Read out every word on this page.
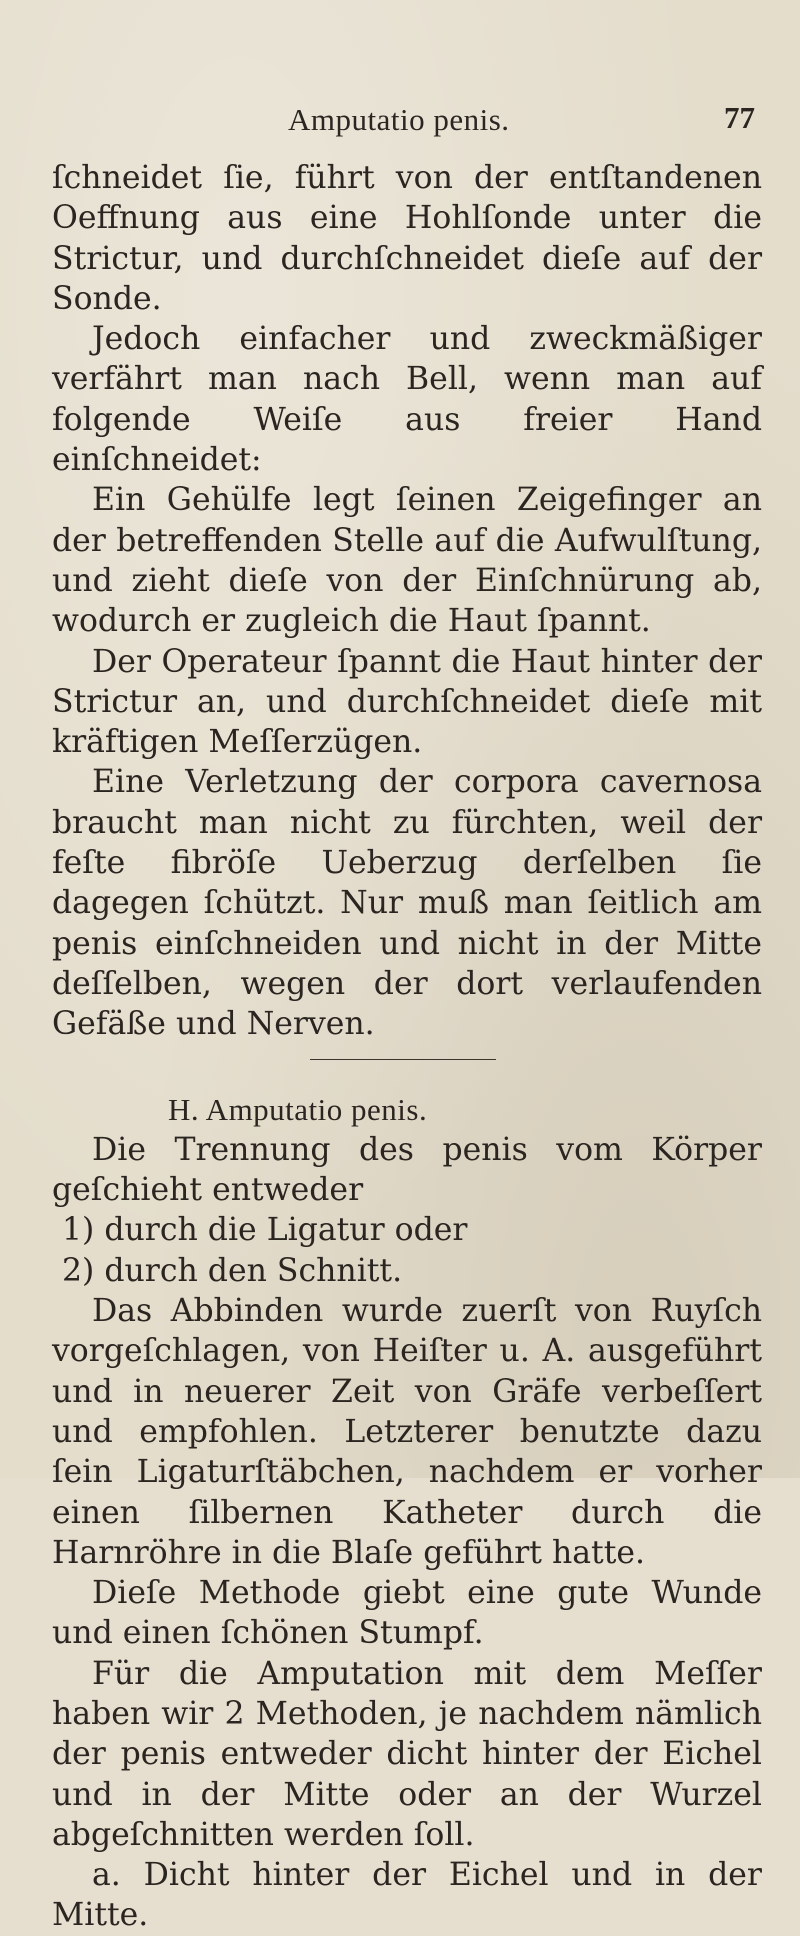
Amputatio penis.	77

ſchneidet ſie, führt von der entſtandenen Oeffnung aus eine Hohlſonde unter die Strictur, und durchſchneidet dieſe auf der Sonde.

Jedoch einfacher und zweckmäßiger verfährt man nach Bell, wenn man auf folgende Weiſe aus freier Hand einſchneidet:

Ein Gehülfe legt ſeinen Zeigefinger an der betreffenden Stelle auf die Aufwulſtung, und zieht dieſe von der Einſchnürung ab, wodurch er zugleich die Haut ſpannt.

Der Operateur ſpannt die Haut hinter der Strictur an, und durchſchneidet dieſe mit kräftigen Meſſerzügen.

Eine Verletzung der corpora cavernosa braucht man nicht zu fürchten, weil der feſte fibröſe Ueberzug derſelben ſie dagegen ſchützt. Nur muß man ſeitlich am penis einſchneiden und nicht in der Mitte deſſelben, wegen der dort verlaufenden Gefäße und Nerven.

H. Amputatio penis.

Die Trennung des penis vom Körper geſchieht entweder

1) durch die Ligatur oder

2) durch den Schnitt.

Das Abbinden wurde zuerſt von Ruyſch vorgeſchlagen, von Heiſter u. A. ausgeführt und in neuerer Zeit von Gräfe verbeſſert und empfohlen. Letzterer benutzte dazu ſein Ligaturſtäbchen, nachdem er vorher einen ſilbernen Katheter durch die Harnröhre in die Blaſe geführt hatte.

Dieſe Methode giebt eine gute Wunde und einen ſchönen Stumpf.

Für die Amputation mit dem Meſſer haben wir 2 Methoden, je nachdem nämlich der penis entweder dicht hinter der Eichel und in der Mitte oder an der Wurzel abgeſchnitten werden ſoll.

a. Dicht hinter der Eichel und in der Mitte.
